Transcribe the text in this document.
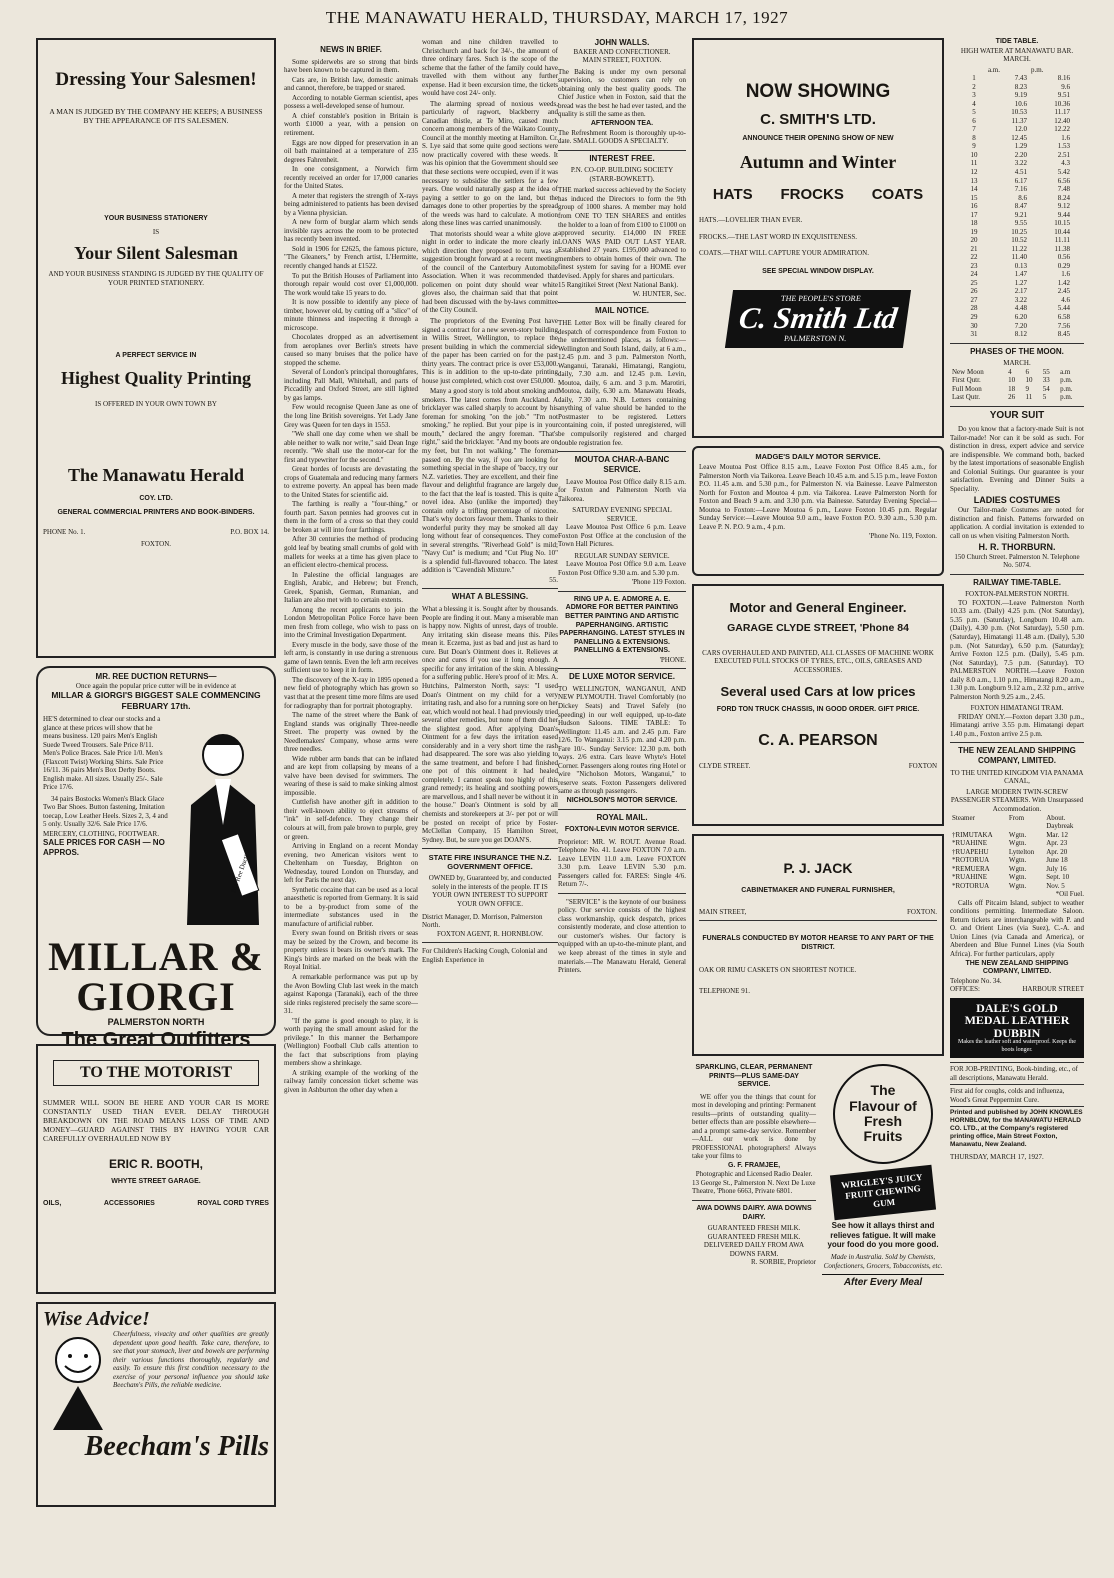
THE MANAWATU HERALD, THURSDAY, MARCH 17, 1927
Dressing Your Salesmen!
A MAN IS JUDGED BY THE COMPANY HE KEEPS; A BUSINESS BY THE APPEARANCE OF ITS SALESMEN.
YOUR BUSINESS STATIONERY
IS
Your Silent Salesman
AND YOUR BUSINESS STANDING IS JUDGED BY THE QUALITY OF YOUR PRINTED STATIONERY.
A PERFECT SERVICE IN
Highest Quality Printing
IS OFFERED IN YOUR OWN TOWN BY
The Manawatu Herald
COY. LTD.
GENERAL COMMERCIAL PRINTERS AND BOOK-BINDERS.
PHONE No. 1.	P.O. BOX 14.
FOXTON.
MR. REE DUCTION RETURNS—
Once again the popular price cutter will be in evidence at
MILLAR & GIORGI'S BIGGEST SALE COMMENCING FEBRUARY 17th.

HE'S determined to clear our stocks and a glance at these prices will show that he means business. 120 pairs Men's English Suede Tweed Trousers. Sale Price 8/11. Men's Police Braces. Sale Price 1/0. Men's (Flaxcott Twist) Working Shirts. Sale Price 16/11. 36 pairs Men's Box Derby Boots. English make. All sizes. Usually 25/-. Sale Price 17/6.

34 pairs Bostocks Women's Black Glace Two Bar Shoes. Button fastening, Imitation toecap, Low Leather Heels. Sizes 2, 3, 4 and 5 only. Usually 32/6. Sale Price 17/6.

MERCERY, CLOTHING, FOOTWEAR.
SALE PRICES FOR CASH — NO APPROS.	Mr. Ree Duction
MILLAR & GIORGI
PALMERSTON NORTH
The Great Outfitters
TO THE MOTORIST

SUMMER WILL SOON BE HERE AND YOUR CAR IS MORE CONSTANTLY USED THAN EVER. DELAY THROUGH BREAKDOWN ON THE ROAD MEANS LOSS OF TIME AND MONEY—GUARD AGAINST THIS BY HAVING YOUR CAR CAREFULLY OVERHAULED NOW BY

ERIC R. BOOTH,
WHYTE STREET GARAGE.
OILS,	ACCESSORIES	ROYAL CORD TYRES
Wise Advice!

Cheerfulness, vivacity and other qualities are greatly dependent upon good health. Take care, therefore, to see that your stomach, liver and bowels are performing their various functions thoroughly, regularly and easily. To ensure this first condition necessary to the exercise of your personal influence you should take Beecham's Pills, the reliable medicine.

Beecham's Pills
NEWS IN BRIEF.

Some spiderwebs are so strong that birds have been known to be captured in them.

Cats are, in British law, domestic animals and cannot, therefore, be trapped or snared.

According to notable German scientist, apes possess a well-developed sense of humour.

A chief constable's position in Britain is worth £1000 a year, with a pension on retirement.

Eggs are now dipped for preservation in an oil bath maintained at a temperature of 235 degrees Fahrenheit.

In one consignment, a Norwich firm recently received an order for 17,000 canaries for the United States.

A meter that registers the strength of X-rays being administered to patients has been devised by a Vienna physician.

A new form of burglar alarm which sends invisible rays across the room to be protected has recently been invented.

Sold in 1906 for £2625, the famous picture, "The Gleaners," by French artist, L'Hermitte, recently changed hands at £1522.

To put the British Houses of Parliament into thorough repair would cost over £1,000,000. The work would take 15 years to do.

It is now possible to identify any piece of timber, however old, by cutting off a "slice" of minute thinness and inspecting it through a microscope.

Chocolates dropped as an advertisement from aeroplanes over Berlin's streets have caused so many bruises that the police have stopped the scheme.

Several of London's principal thoroughfares, including Pall Mall, Whitehall, and parts of Piccadilly and Oxford Street, are still lighted by gas lamps.

Few would recognise Queen Jane as one of the long line British sovereigns. Yet Lady Jane Grey was Queen for ten days in 1553.

"We shall one day come when we shall be able neither to walk nor write," said Dean Inge recently. "We shall use the motor-car for the first and typewriter for the second."

Great hordes of locusts are devastating the crops of Guatemala and reducing many farmers to extreme poverty. An appeal has been made to the United States for scientific aid.

The farthing is really a "four-thing," or fourth part. Saxon pennies had grooves cut in them in the form of a cross so that they could be broken at will into four farthings.

After 30 centuries the method of producing gold leaf by beating small crumbs of gold with mallets for weeks at a time has given place to an efficient electro-chemical process.

In Palestine the official languages are English, Arabic, and Hebrew; but French, Greek, Spanish, German, Rumanian, and Italian are also met with to certain extents.

Among the recent applicants to join the London Metropolitan Police Force have been men fresh from college, who wish to pass on into the Criminal Investigation Department.

Every muscle in the body, save those of the left arm, is constantly in use during a strenuous game of lawn tennis. Even the left arm receives sufficient use to keep it in form.

The discovery of the X-ray in 1895 opened a new field of photography which has grown so vast that at the present time more films are used for radiography than for portrait photography.

The name of the street where the Bank of England stands was originally Three-needle Street. The property was owned by the Needlemakers' Company, whose arms were three needles.

Wide rubber arm bands that can be inflated and are kept from collapsing by means of a valve have been devised for swimmers. The wearing of these is said to make sinking almost impossible.

Cuttlefish have another gift in addition to their well-known ability to eject streams of "ink" in self-defence. They change their colours at will, from pale brown to purple, grey or green.

Arriving in England on a recent Monday evening, two American visitors went to Cheltenham on Tuesday, Brighton on Wednesday, toured London on Thursday, and left for Paris the next day.

Synthetic cocaine that can be used as a local anaesthetic is reported from Germany. It is said to be a by-product from some of the intermediate substances used in the manufacture of artificial rubber.

Every swan found on British rivers or seas may be seized by the Crown, and become its property unless it bears its owner's mark. The King's birds are marked on the beak with the Royal Initial.

A remarkable performance was put up by the Avon Bowling Club last week in the match against Kaponga (Taranaki), each of the three side rinks registered precisely the same score—31.

"If the game is good enough to play, it is worth paying the small amount asked for the privilege." In this manner the Berhampore (Wellington) Football Club calls attention to the fact that subscriptions from playing members show a shrinkage.

A striking example of the working of the railway family concession ticket scheme was given in Ashburton the other day when a

woman and nine children travelled to Christchurch and back for 34/-, the amount of three ordinary fares. Such is the scope of the scheme that the father of the family could have travelled with them without any further expense. Had it been excursion time, the tickets would have cost 24/- only.

The alarming spread of noxious weeds, particularly of ragwort, blackberry and Canadian thistle, at Te Miro, caused much concern among members of the Waikato County Council at the monthly meeting at Hamilton. Cr. S. Lye said that some quite good sections were now practically covered with these weeds. It was his opinion that the Government should see that these sections were occupied, even if it was necessary to subsidise the settlers for a few years. One would naturally gasp at the idea of paying a settler to go on the land, but the damages done to other properties by the spread of the weeds was hard to calculate. A motion along these lines was carried unanimously.

That motorists should wear a white glove at night in order to indicate the more clearly in which direction they proposed to turn, was a suggestion brought forward at a recent meeting of the council of the Canterbury Automobile Association. When it was recommended that policemen on point duty should wear white gloves also, the chairman said that that point had been discussed with the by-laws committee of the City Council.

The proprietors of the Evening Post have signed a contract for a new seven-story building in Willis Street, Wellington, to replace the present building in which the commercial side of the paper has been carried on for the past thirty years. The contract price is over £53,000. This is in addition to the up-to-date printing house just completed, which cost over £50,000.

Many a good story is told about smoking and smokers. The latest comes from Auckland. A bricklayer was called sharply to account by his foreman for smoking "on the job." "I'm not smoking," he replied. But your pipe is in your mouth," declared the angry foreman. "That's right," said the bricklayer. "And my boots are on my feet, but I'm not walking." The foreman passed on. By the way, if you are looking for something special in the shape of 'baccy, try our N.Z. varieties. They are excellent, and their fine flavour and delightful fragrance are largely due to the fact that the leaf is toasted. This is quite a novel idea. Also (unlike the imported) they contain only a trifling percentage of nicotine. That's why doctors favour them. Thanks to their wonderful purity they may be smoked all day long without fear of consequences. They come in several strengths. "Riverhead Gold" is mild; "Navy Cut" is medium; and "Cut Plug No. 10" is a splendid full-flavoured tobacco. The latest addition is "Cavendish Mixture."

55.
WHAT A BLESSING.

What a blessing it is. Sought after by thousands. People are finding it out. Many a miserable man is happy now. Nights of unrest, days of trouble. Any irritating skin disease means this. Piles mean it. Eczema, just as bad and just as hard to cure. But Doan's Ointment does it. Relieves at once and cures if you use it long enough. A specific for any irritation of the skin. A blessing for a suffering public. Here's proof of it: Mrs. A. Hutchins, Palmerston North, says: "I used Doan's Ointment on my child for a very irritating rash, and also for a running sore on her ear, which would not heal. I had previously tried several other remedies, but none of them did her the slightest good. After applying Doan's Ointment for a few days the irritation eased considerably and in a very short time the rash had disappeared. The sore was also yielding to the same treatment, and before I had finished one pot of this ointment it had healed completely. I cannot speak too highly of this grand remedy; its healing and soothing powers are marvellous, and I shall never be without it in the house." Doan's Ointment is sold by all chemists and storekeepers at 3/- per pot or will be posted on receipt of price by Foster-McClellan Company, 15 Hamilton Street, Sydney. But, be sure you get DOAN'S.

STATE FIRE INSURANCE THE N.Z. GOVERNMENT OFFICE.

OWNED by, Guaranteed by, and conducted solely in the interests of the people. IT IS YOUR OWN INTEREST TO SUPPORT YOUR OWN OFFICE.

District Manager, D. Morrison, Palmerston North.
FOXTON AGENT, R. HORNBLOW.
For Children's Hacking Cough, Colonial and English Experience in
JOHN WALLS.
BAKER AND CONFECTIONER.
MAIN STREET, FOXTON.

The Baking is under my own personal supervision, so customers can rely on obtaining only the best quality goods. The Chief Justice when in Foxton, said that the bread was the best he had ever tasted, and the quality is still the same as then.

AFTERNOON TEA.

The Refreshment Room is thoroughly up-to-date. SMALL GOODS A SPECIALTY.

INTEREST FREE.
P.N. CO-OP. BUILDING SOCIETY (STARR-BOWKETT).

THE marked success achieved by the Society has induced the Directors to form the 9th group of 1000 shares. A member may hold from ONE TO TEN SHARES and entitles the holder to a loan of from £100 to £1000 on approved security. £14,000 IN FREE LOANS WAS PAID OUT LAST YEAR. Established 27 years. £195,000 advanced to members to obtain homes of their own. The finest system for saving for a HOME ever devised. Apply for shares and particulars.

15 Rangitikei Street (Next National Bank).
W. HUNTER, Sec.
MAIL NOTICE.

THE Letter Box will be finally cleared for despatch of correspondence from Foxton to the undermentioned places, as follows:— Wellington and South Island, daily, at 6 a.m., 12.45 p.m. and 3 p.m. Palmerston North, Wanganui, Taranaki, Himatangi, Rangiotu, daily, 7.30 a.m. and 12.45 p.m. Levin, Moutoa, daily, 6 a.m. and 3 p.m. Marotiri, Moutoa, daily, 6.30 a.m. Manawatu Heads, daily, 7.30 a.m. N.B. Letters containing anything of value should be handed to the Postmaster to be registered. Letters containing coin, if posted unregistered, will be compulsorily registered and charged double registration fee.

MOUTOA CHAR-A-BANC SERVICE.

Leave Moutoa Post Office daily 8.15 a.m. for Foxton and Palmerston North via Taikorea.

SATURDAY EVENING SPECIAL SERVICE.

Leave Moutoa Post Office 6 p.m. Leave Foxton Post Office at the conclusion of the Town Hall Pictures.

REGULAR SUNDAY SERVICE.

Leave Moutoa Post Office 9.0 a.m. Leave Foxton Post Office 9.30 a.m. and 5.30 p.m.

'Phone 119 Foxton.
RING UP A. E. ADMORE A. E. ADMORE FOR BETTER PAINTING BETTER PAINTING AND ARTISTIC PAPERHANGING. ARTISTIC PAPERHANGING. LATEST STYLES IN PANELLING & EXTENSIONS. PANELLING & EXTENSIONS.
'PHONE.
DE LUXE MOTOR SERVICE.

TO WELLINGTON, WANGANUI, AND NEW PLYMOUTH. Travel Comfortably (no Dickey Seats) and Travel Safely (no speeding) in our well equipped, up-to-date Hudson Saloons. TIME TABLE: To Wellington: 11.45 a.m. and 2.45 p.m. Fare 12/6. To Wanganui: 3.15 p.m. and 4.20 p.m. Fare 10/-. Sunday Service: 12.30 p.m. both ways. 2/6 extra. Cars leave Whyte's Hotel Corner. Passengers along routes ring Hotel or wire "Nicholson Motors, Wanganui," to reserve seats. Foxton Passengers delivered same as through passengers.

NICHOLSON'S MOTOR SERVICE.
ROYAL MAIL.
FOXTON-LEVIN MOTOR SERVICE.

Proprietor: MR. W. ROUT. Avenue Road. Telephone No. 41. Leave FOXTON 7.0 a.m. Leave LEVIN 11.0 a.m. Leave FOXTON 3.30 p.m. Leave LEVIN 5.30 p.m. Passengers called for. FARES: Single 4/6. Return 7/-.

"SERVICE" is the keynote of our business policy. Our service consists of the highest class workmanship, quick despatch, prices consistently moderate, and close attention to our customer's wishes. Our factory is equipped with an up-to-the-minute plant, and we keep abreast of the times in style and materials.—The Manawatu Herald, General Printers.

NOW SHOWING
C. SMITH'S LTD.
ANNOUNCE THEIR OPENING SHOW OF NEW
Autumn and Winter
HATS FROCKS COATS
HATS.—LOVELIER THAN EVER.
FROCKS.—THE LAST WORD IN EXQUISITENESS.
COATS.—THAT WILL CAPTURE YOUR ADMIRATION.
SEE SPECIAL WINDOW DISPLAY.
THE PEOPLE'S STORE
C. Smith Ltd
PALMERSTON N.
MADGE'S DAILY MOTOR SERVICE.

Leave Moutoa Post Office 8.15 a.m., Leave Foxton Post Office 8.45 a.m., for Palmerston North via Taikorea. Leave Beach 10.45 a.m. and 5.15 p.m., leave Foxton P.O. 11.45 a.m. and 5.30 p.m., for Palmerston N. via Bainesse. Leave Palmerston North for Foxton and Moutoa 4 p.m. via Taikorea. Leave Palmerston North for Foxton and Beach 9 a.m. and 3.30 p.m. via Bainesse. Saturday Evening Special—Moutoa to Foxton:—Leave Moutoa 6 p.m., Leave Foxton 10.45 p.m. Regular Sunday Service:—Leave Moutoa 9.0 a.m., leave Foxton P.O. 9.30 a.m., 5.30 p.m. Leave P. N. P.O. 9 a.m., 4 p.m.

'Phone No. 119, Foxton.
Motor and General Engineer.
GARAGE CLYDE STREET, 'Phone 84
CARS OVERHAULED AND PAINTED, ALL CLASSES OF MACHINE WORK EXECUTED FULL STOCKS OF TYRES, ETC., OILS, GREASES AND ACCESSORIES.
Several used Cars at low prices
FORD TON TRUCK CHASSIS, IN GOOD ORDER. GIFT PRICE.
C. A. PEARSON
CLYDE STREET.	FOXTON
P. J. JACK
CABINETMAKER AND FUNERAL FURNISHER,
MAIN STREET,	FOXTON.
FUNERALS CONDUCTED BY MOTOR HEARSE TO ANY PART OF THE DISTRICT.
OAK OR RIMU CASKETS ON SHORTEST NOTICE.
TELEPHONE 91.
SPARKLING, CLEAR, PERMANENT PRINTS—PLUS SAME-DAY SERVICE.

WE offer you the things that count for most in developing and printing: Permanent results—prints of outstanding quality—better effects than are possible elsewhere—and a prompt same-day service. Remember—ALL our work is done by PROFESSIONAL photographers! Always take your films to

G. F. FRAMJEE,
Photographic and Licensed Radio Dealer.
13 George St., Palmerston N. Next De Luxe Theatre, 'Phone 6663, Private 6801.
AWA DOWNS DAIRY. AWA DOWNS DAIRY.
GUARANTEED FRESH MILK. GUARANTEED FRESH MILK. DELIVERED DAILY FROM AWA DOWNS FARM.
R. SORBIE, Proprietor
The Flavour of Fresh Fruits
WRIGLEY'S JUICY FRUIT CHEWING GUM
See how it allays thirst and relieves fatigue. It will make your food do you more good.
Made in Australia. Sold by Chemists, Confectioners, Grocers, Tobacconists, etc.
After Every Meal
TIDE TABLE.
HIGH WATER AT MANAWATU BAR.
MARCH.
	a.m.	p.m.
1	7.43	8.16
2	8.23	9.6
3	9.19	9.51
4	10.6	10.36
5	10.53	11.17
6	11.37	12.40
7	12.0	12.22
8	12.45	1.6
9	1.29	1.53
10	2.20	2.51
11	3.22	4.3
12	4.51	5.42
13	6.17	6.56
14	7.16	7.48
15	8.6	8.24
16	8.47	9.12
17	9.21	9.44
18	9.55	10.15
19	10.25	10.44
20	10.52	11.11
21	11.22	11.38
22	11.40	0.56
23	0.13	0.29
24	1.47	1.6
25	1.27	1.42
26	2.17	2.45
27	3.22	4.6
28	4.48	5.44
29	6.20	6.58
30	7.20	7.56
31	8.12	8.45
PHASES OF THE MOON.
MARCH.
New Moon	4	6	55	a.m
First Qutr.	10	10	33	p.m.
Full Moon	18	9	54	p.m.
Last Qutr.	26	11	5	p.m.
YOUR SUIT

Do you know that a factory-made Suit is not Tailor-made! Nor can it be sold as such. For distinction in dress, expert advice and service are indispensible. We command both, backed by the latest importations of seasonable English and Colonial Suitings. Our guarantee is your satisfaction. Evening and Dinner Suits a Speciality.

LADIES COSTUMES

Our Tailor-made Costumes are noted for distinction and finish. Patterns forwarded on application. A cordial invitation is extended to call on us when visiting Palmerston North.

H. R. THORBURN.
150 Church Street. Palmerston N. Telephone No. 5074.
RAILWAY TIME-TABLE.
FOXTON-PALMERSTON NORTH.

TO FOXTON.—Leave Palmerston North 10.33 a.m. (Daily) 4.25 p.m. (Not Saturday), 5.35 p.m. (Saturday), Longburn 10.48 a.m. (Daily), 4.30 p.m. (Not Saturday), 5.50 p.m. (Saturday), Himatangi 11.48 a.m. (Daily), 5.30 p.m. (Not Saturday), 6.50 p.m. (Saturday); Arrive Foxton 12.5 p.m. (Daily), 5.45 p.m. (Not Saturday), 7.5 p.m. (Saturday). TO PALMERSTON NORTH.—Leave Foxton daily 8.0 a.m., 1.10 p.m., Himatangi 8.20 a.m., 1.30 p.m. Longburn 9.12 a.m., 2.32 p.m., arrive Palmerston North 9.25 a.m., 2.45.

FOXTON HIMATANGI TRAM.

FRIDAY ONLY.—Foxton depart 3.30 p.m., Himatangi arrive 3.55 p.m. Himatangi depart 1.40 p.m., Foxton arrive 2.5 p.m.

THE NEW ZEALAND SHIPPING COMPANY, LIMITED.
TO THE UNITED KINGDOM VIA PANAMA CANAL,
LARGE MODERN TWIN-SCREW PASSENGER STEAMERS. With Unsurpassed Accommodation.
Steamer	From	About.
		Daybreak
†RIMUTAKA	Wgtn.	Mar. 12
*RUAHINE	Wgtn.	Apr. 23
†RUAPEHU	Lyttelton	Apr. 20
*ROTORUA	Wgtn.	June 18
*REMUERA	Wgtn.	July 16
*RUAHINE	Wgtn.	Sept. 10
*ROTORUA	Wgtn.	Nov. 5
*Oil Fuel.

Calls off Pitcairn Island, subject to weather conditions permitting. Intermediate Saloon. Return tickets are interchangeable with P. and O. and Orient Lines (via Suez), C.-A. and Union Lines (via Canada and America), or Aberdeen and Blue Funnel Lines (via South Africa). For further particulars, apply

THE NEW ZEALAND SHIPPING COMPANY, LIMITED.
Telephone No. 34.
OFFICES:	HARBOUR STREET
DALE'S GOLD MEDAL LEATHER DUBBIN
Makes the leather soft and waterproof. Keeps the boots longer.
FOR JOB-PRINTING, Book-binding, etc., of all descriptions, Manawatu Herald.
First aid for coughs, colds and influenza, Wood's Great Peppermint Cure.
Printed and published by JOHN KNOWLES HORNBLOW, for the MANAWATU HERALD CO. LTD., at the Company's registered printing office, Main Street Foxton, Manawatu, New Zealand.
THURSDAY, MARCH 17, 1927.
